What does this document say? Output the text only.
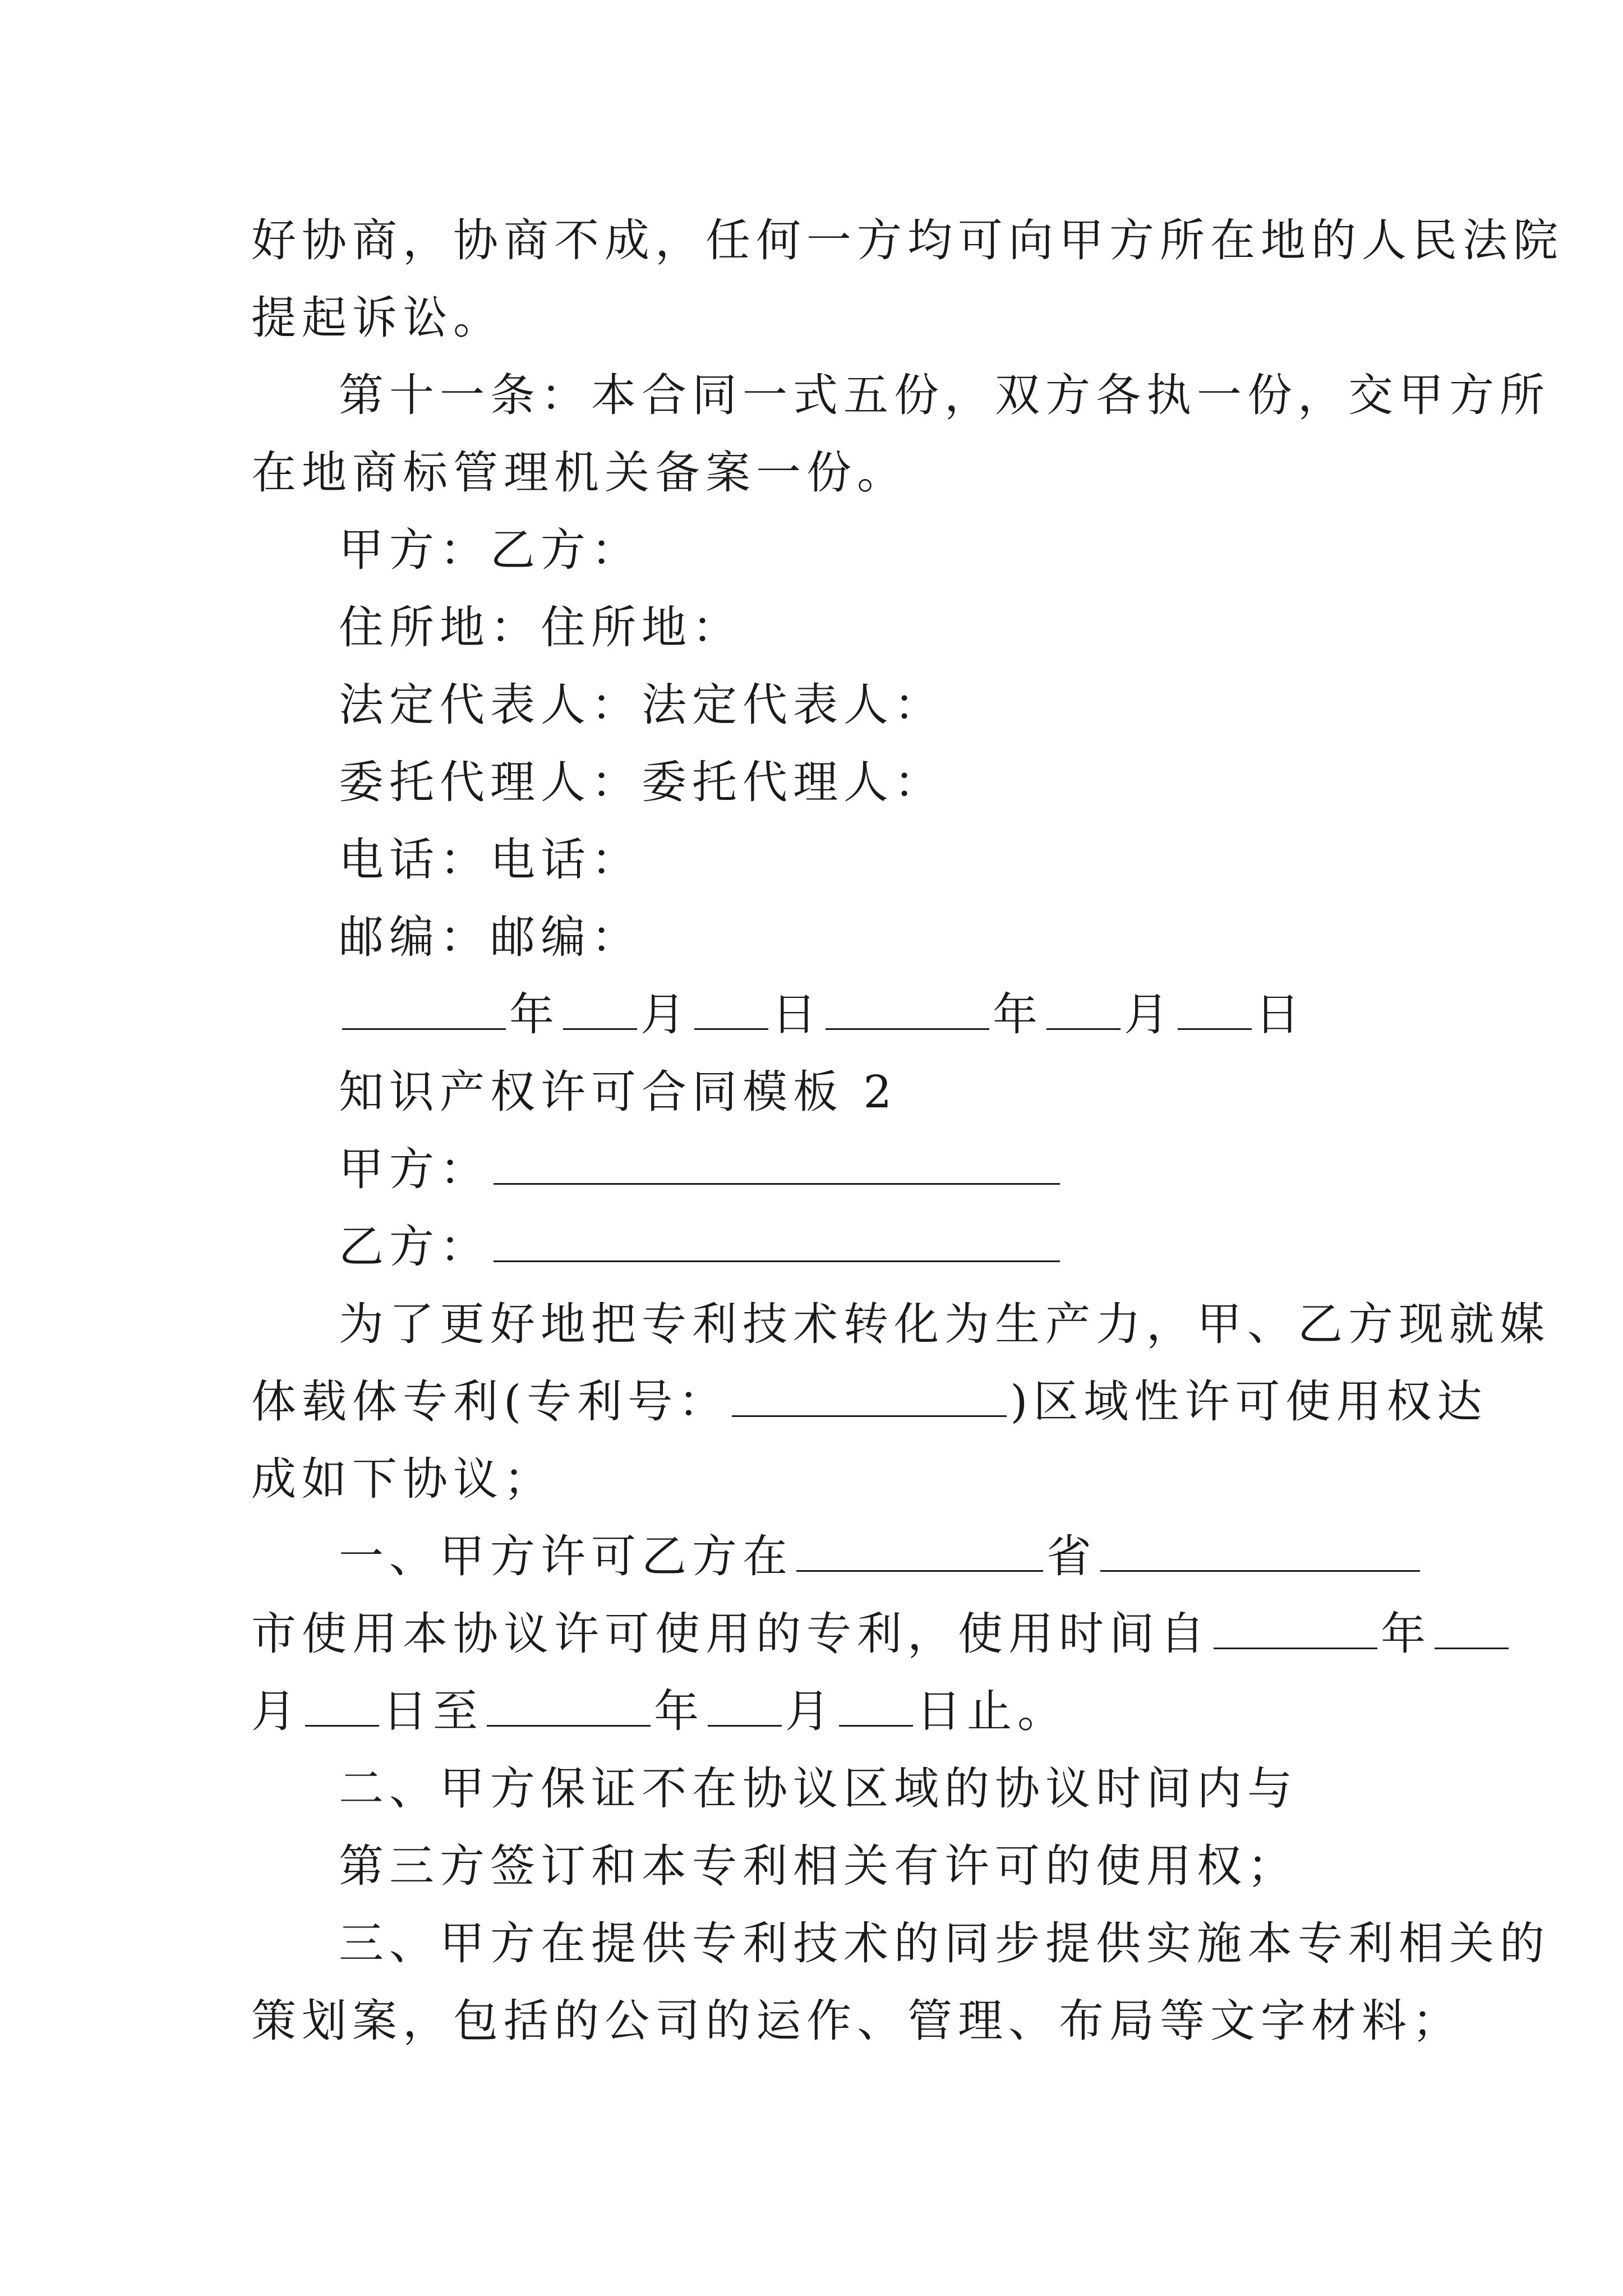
好协商，协商不成，任何一方均可向甲方所在地的人民法院
提起诉讼。
第十一条：本合同一式五份，双方各执一份，交甲方所
在地商标管理机关备案一份。
甲方：乙方：
住所地：住所地：
法定代表人：法定代表人：
委托代理人：委托代理人：
电话：电话：
邮编：邮编：
年 月 日	年 月 日
知识产权许可合同模板 2
甲方：
乙方：
为了更好地把专利技术转化为生产力，甲、乙方现就媒
体载体专利(专利号：	)区域性许可使用权达
成如下协议；
一、甲方许可乙方在	省
市使用本协议许可使用的专利，使用时间自	年
月 日至	年 月 日止。
二、甲方保证不在协议区域的协议时间内与
第三方签订和本专利相关有许可的使用权；
三、甲方在提供专利技术的同步提供实施本专利相关的
策划案，包括的公司的运作、管理、布局等文字材料；
